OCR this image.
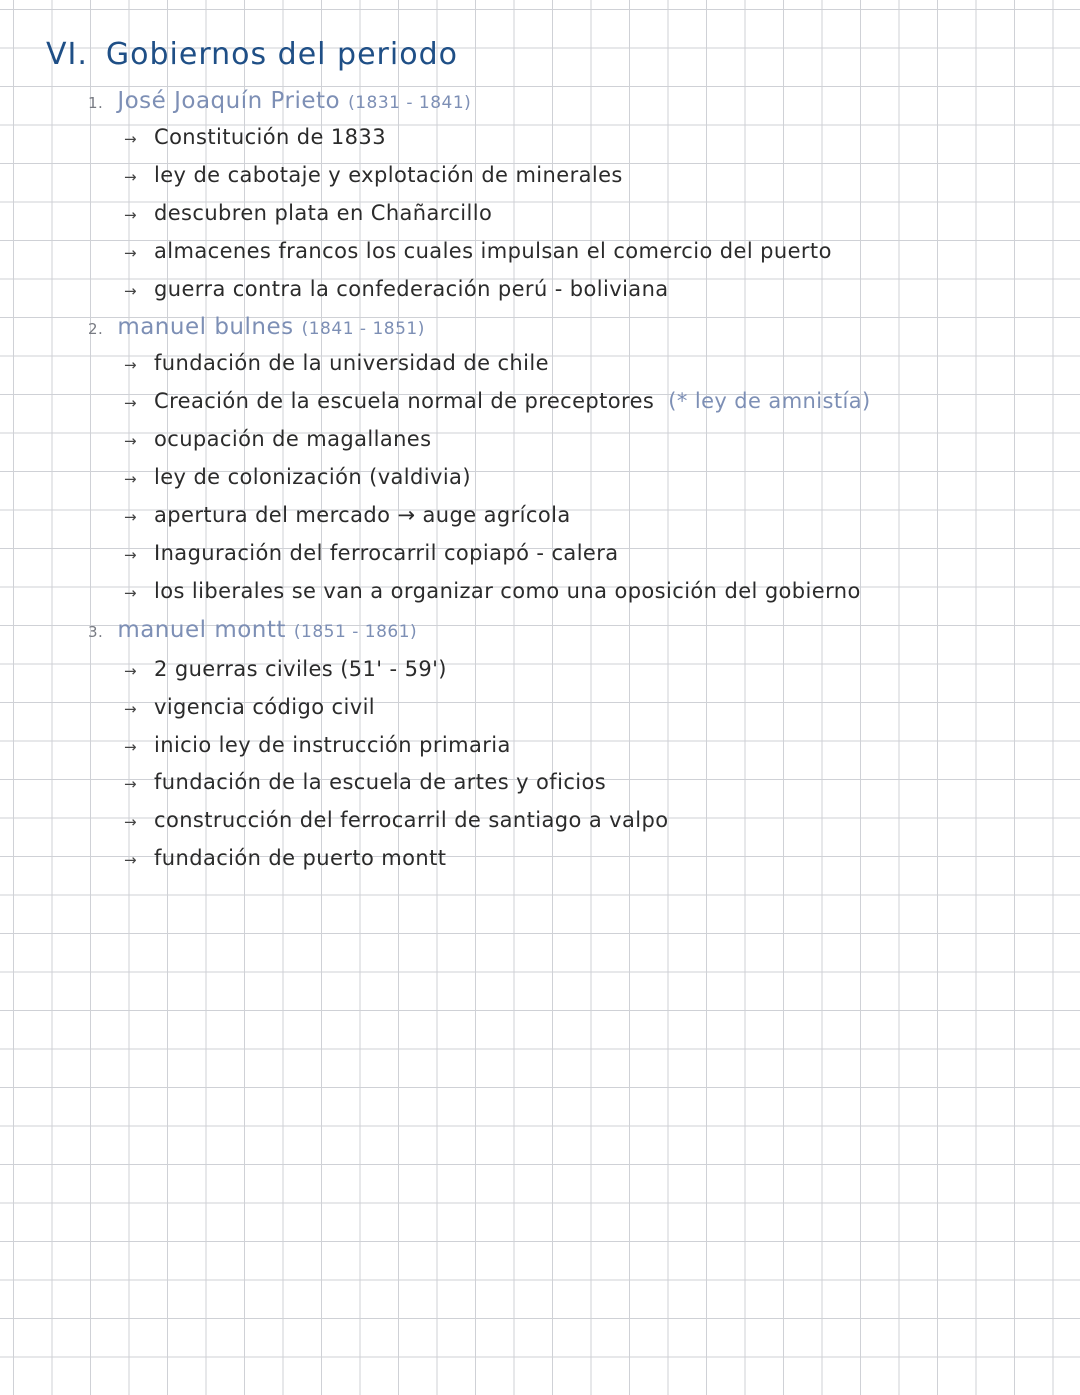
VI. Gobiernos del periodo
1. José Joaquín Prieto (1831 - 1841)
→ Constitución de 1833
→ ley de cabotaje y explotación de minerales
→ descubren plata en Chañarcillo
→ almacenes francos los cuales impulsan el comercio del puerto
→ guerra contra la confederación perú - boliviana
2. manuel bulnes (1841 - 1851)
→ fundación de la universidad de chile
→ Creación de la escuela normal de preceptores (* ley de amnistía)
→ ocupación de magallanes
→ ley de colonización (valdivia)
→ apertura del mercado → auge agrícola
→ Inaguración del ferrocarril copiapó - calera
→ los liberales se van a organizar como una oposición del gobierno
3. manuel montt (1851 - 1861)
→ 2 guerras civiles (51' - 59')
→ vigencia código civil
→ inicio ley de instrucción primaria
→ fundación de la escuela de artes y oficios
→ construcción del ferrocarril de santiago a valpo
→ fundación de puerto montt
